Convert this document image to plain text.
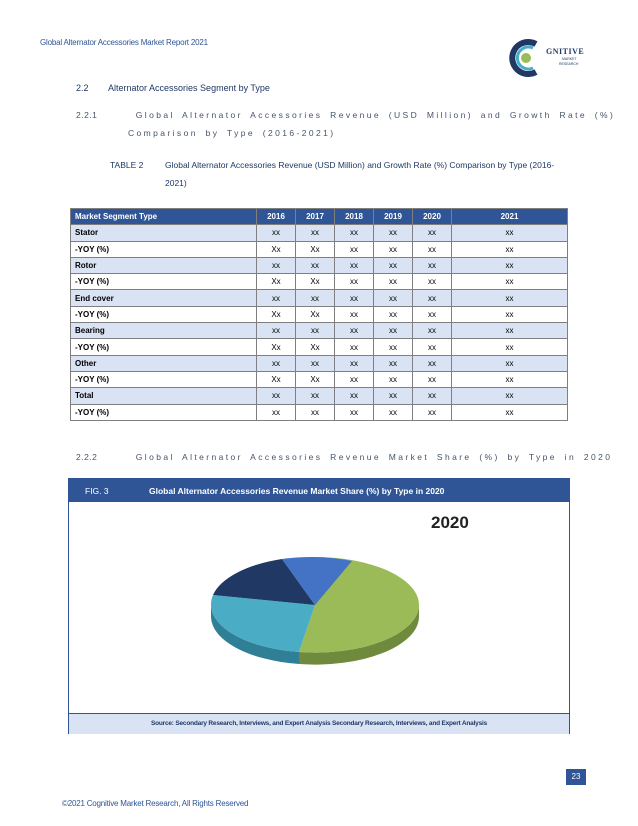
Global Alternator Accessories Market Report 2021
GNITIVE
MARKET
RESEARCH
2.2 Alternator Accessories Segment by Type
2.2.1	Global Alternator Accessories Revenue (USD Million) and Growth Rate (%)
Comparison by Type (2016-2021)
TABLE 2	Global Alternator Accessories Revenue (USD Million) and Growth Rate (%) Comparison by Type (2016-2021)
Market Segment Type	2016	2017	2018	2019	2020	2021
Stator	xx	xx	xx	xx	xx	xx
-YOY (%)	Xx	Xx	xx	xx	xx	xx
Rotor	xx	xx	xx	xx	xx	xx
-YOY (%)	Xx	Xx	xx	xx	xx	xx
End cover	xx	xx	xx	xx	xx	xx
-YOY (%)	Xx	Xx	xx	xx	xx	xx
Bearing	xx	xx	xx	xx	xx	xx
-YOY (%)	Xx	Xx	xx	xx	xx	xx
Other	xx	xx	xx	xx	xx	xx
-YOY (%)	Xx	Xx	xx	xx	xx	xx
Total	xx	xx	xx	xx	xx	xx
-YOY (%)	xx	xx	xx	xx	xx	xx
2.2.2	Global Alternator Accessories Revenue Market Share (%) by Type in 2020
FIG. 3	Global Alternator Accessories Revenue Market Share (%) by Type in 2020
2020
Source: Secondary Research, Interviews, and Expert Analysis Secondary Research, Interviews, and Expert Analysis
23
©2021 Cognitive Market Research, All Rights Reserved
